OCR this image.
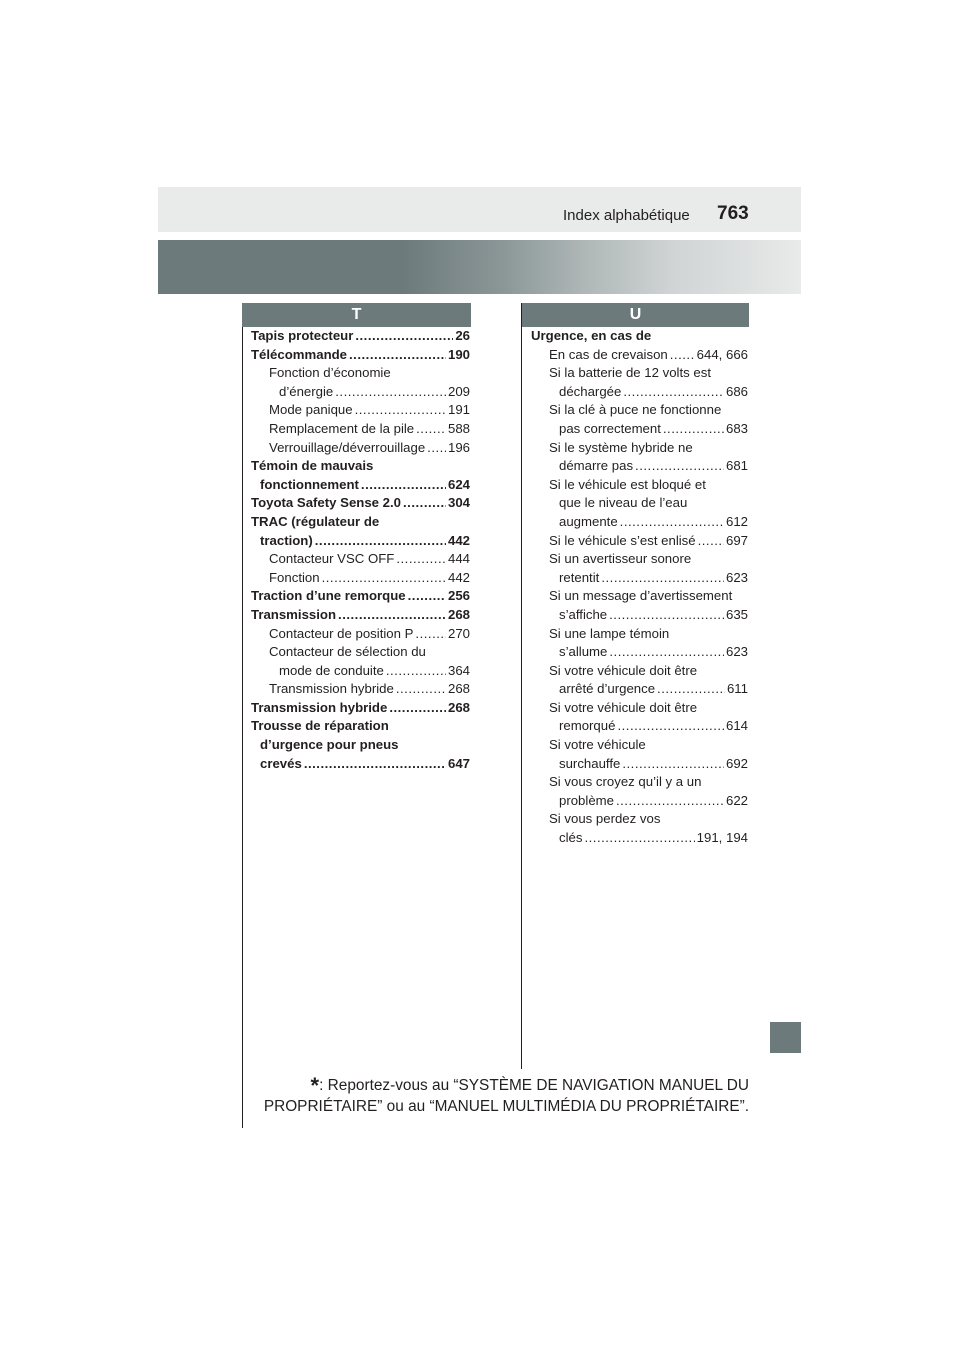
Index alphabétique 763
T	U
Tapis protecteur .....	26
Télécommande .....	190
Fonction d’économie
d’énergie .....	209
Mode panique .....	191
Remplacement de la pile .....	588
Verrouillage/déverrouillage ..... 196
Témoin de mauvais
fonctionnement .....	624
Toyota Safety Sense 2.0 .....	304
TRAC (régulateur de
traction) .....	442
Contacteur VSC OFF .....	444
Fonction .....	442
Traction d’une remorque .....	256
Transmission .....	268
Contacteur de position P .....	270
Contacteur de sélection du
mode de conduite .....	364
Transmission hybride .....	268
Transmission hybride .....	268
Trousse de réparation
d’urgence pour pneus
crevés .....	647
Urgence, en cas de
En cas de crevaison ..... 644, 666
Si la batterie de 12 volts est
déchargée .....	686
Si la clé à puce ne fonctionne
pas correctement .....	683
Si le système hybride ne
démarre pas .....	681
Si le véhicule est bloqué et
que le niveau de l’eau
augmente .....	612
Si le véhicule s’est enlisé ..... 697
Si un avertisseur sonore
retentit .....	623
Si un message d’avertissement
s’affiche .....	635
Si une lampe témoin
s’allume .....	623
Si votre véhicule doit être
arrêté d’urgence .....	611
Si votre véhicule doit être
remorqué .....	614
Si votre véhicule
surchauffe .....	692
Si vous croyez qu’il y a un
problème .....	622
Si vous perdez vos
clés .....	191, 194
*: Reportez-vous au “SYSTÈME DE NAVIGATION MANUEL DU
PROPRIÉTAIRE” ou au “MANUEL MULTIMÉDIA DU PROPRIÉTAIRE”.
